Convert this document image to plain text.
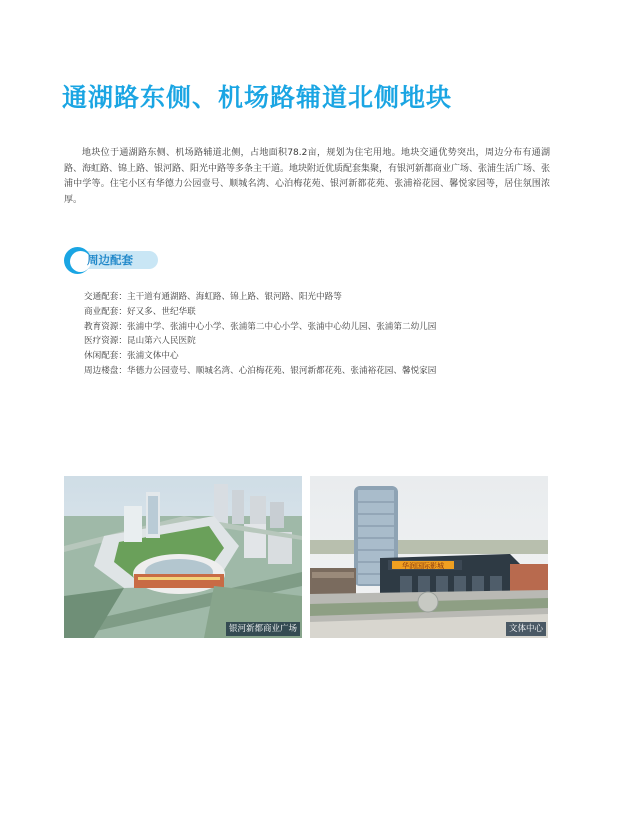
通湖路东侧、机场路辅道北侧地块

地块位于通湖路东侧、机场路辅道北侧，占地面积78.2亩，规划为住宅用地。地块交通优势突出，周边分布有通湖路、海虹路、锦上路、银河路、阳光中路等多条主干道。地块附近优质配套集聚，有银河新都商业广场、张浦生活广场、张浦中学等。住宅小区有华德力公园壹号、顺城名湾、心泊梅花苑、银河新都花苑、张浦裕花园、馨悦家园等，居住氛围浓厚。

周边配套
交通配套：主干道有通湖路、海虹路、锦上路、银河路、阳光中路等
商业配套：好又多、世纪华联
教育资源：张浦中学、张浦中心小学、张浦第二中心小学、张浦中心幼儿园、张浦第二幼儿园
医疗资源：昆山第六人民医院
休闲配套：张浦文体中心
周边楼盘：华德力公园壹号、顺城名湾、心泊梅花苑、银河新都花苑、张浦裕花园、馨悦家园
银河新都商业广场
华润国际影城
文体中心
